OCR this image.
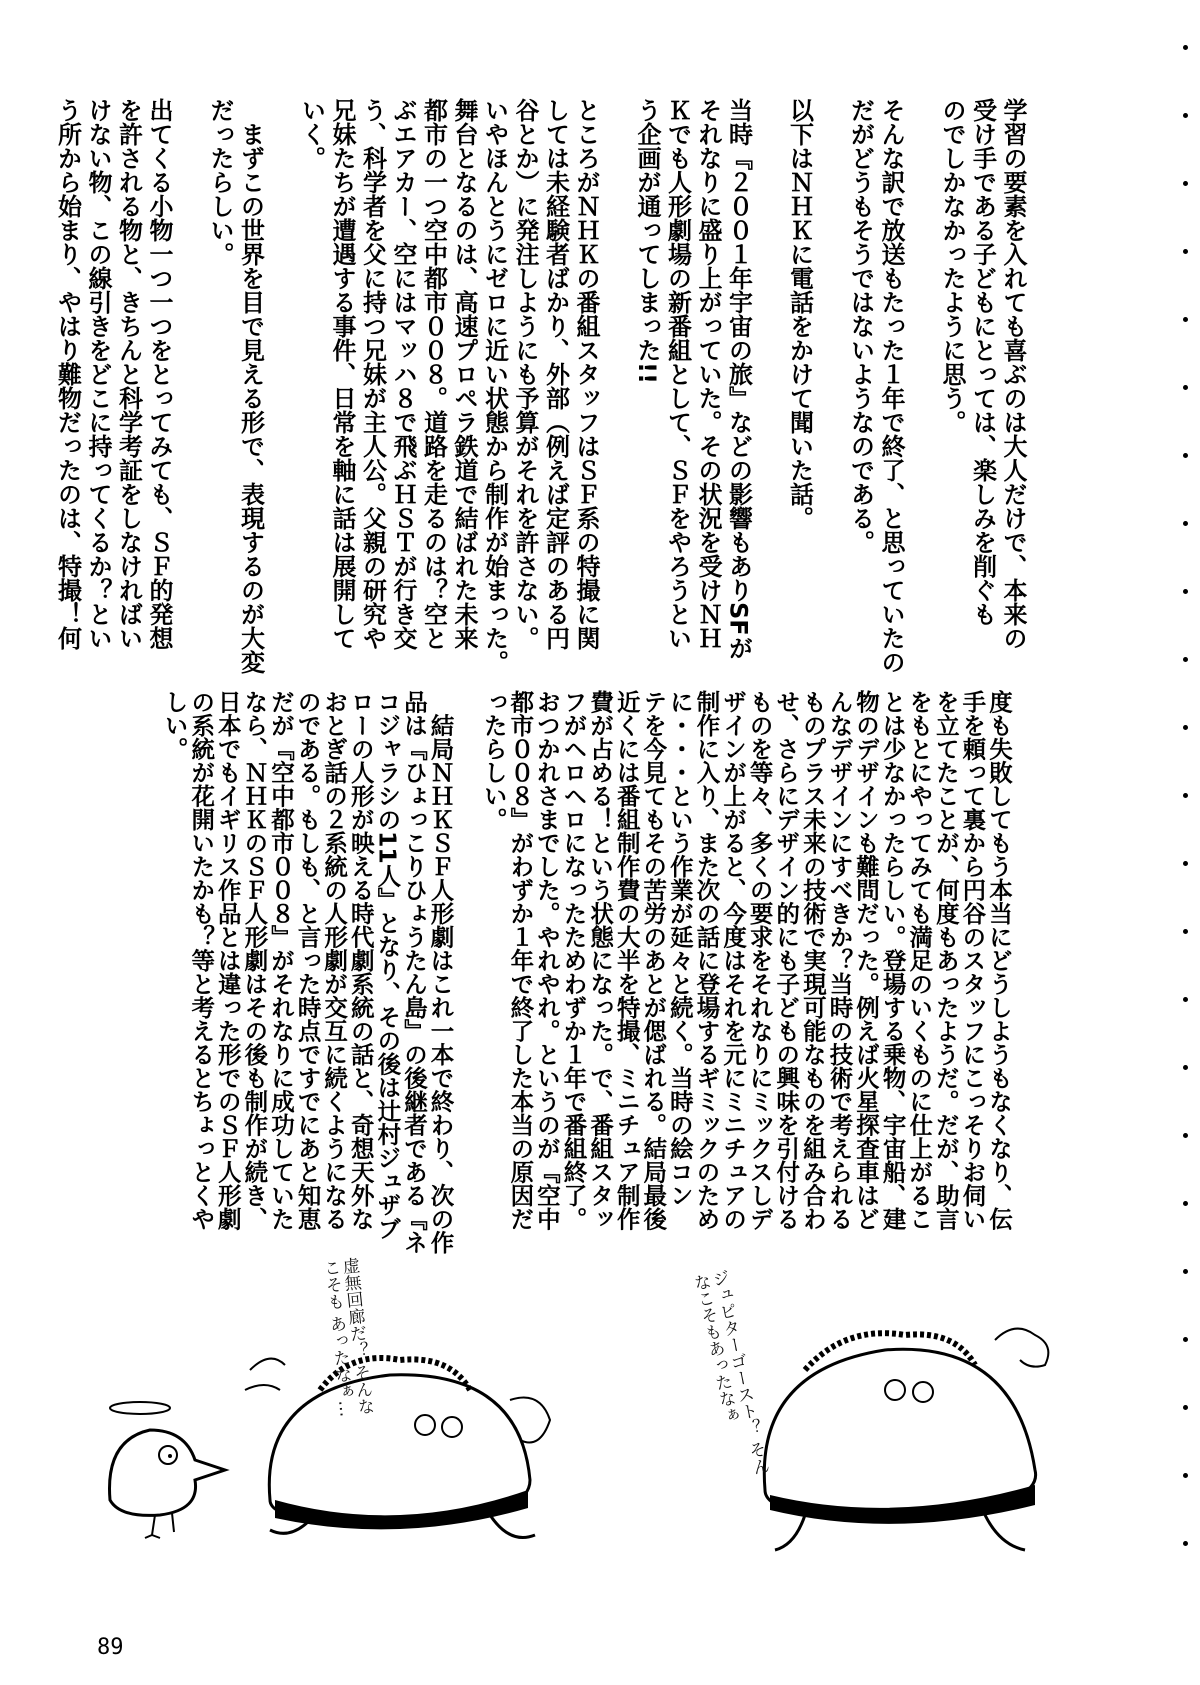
学習の要素を入れても喜ぶのは大人だけで、本来の
受け手である子どもにとっては、楽しみを削ぐも
のでしかなかったように思う。
そんな訳で放送もたった１年で終了、と思っていたの
だがどうもそうではないようなのである。
以下はＮＨＫに電話をかけて聞いた話。
当時『２００１年宇宙の旅』などの影響もありSFが
それなりに盛り上がっていた。その状況を受けＮＨ
Ｋでも人形劇場の新番組として、ＳＦをやろうとい
う企画が通ってしまった!!
ところがＮＨＫの番組スタッフはＳＦ系の特撮に関
しては未経験者ばかり、外部（例えば定評のある円
谷とか）に発注しようにも予算がそれを許さない。
いやほんとうにゼロに近い状態から制作が始まった。
舞台となるのは、高速プロペラ鉄道で結ばれた未来
都市の一つ空中都市００８。道路を走るのは？空と
ぶエアカー、空にはマッハ８で飛ぶＨＳＴが行き交
う、科学者を父に持つ兄妹が主人公。父親の研究や
兄妹たちが遭遇する事件、日常を軸に話は展開して
いく。
　まずこの世界を目で見える形で、表現するのが大変
だったらしい。
出てくる小物一つ一つをとってみても、ＳＦ的発想
を許される物と、きちんと科学考証をしなければい
けない物、この線引きをどこに持ってくるか？とい
う所から始まり、やはり難物だったのは、特撮！何
度も失敗してもう本当にどうしようもなくなり、伝
手を頼って裏から円谷のスタッフにこっそりお伺い
を立てたことが、何度もあったようだ。だが、助言
をもとにやってみても満足のいくものに仕上がるこ
とは少なかったらしい。登場する乗物、宇宙船、建
物のデザインも難問だった。例えば火星探査車はど
んなデザインにすべきか？当時の技術で考えられる
ものプラス未来の技術で実現可能なものを組み合わ
せ、さらにデザイン的にも子どもの興味を引付ける
ものを等々、多くの要求をそれなりにミックスしデ
ザインが上がると、今度はそれを元にミニチュアの
制作に入り、また次の話に登場するギミックのため
に・・・という作業が延々と続く。当時の絵コン
テを今見てもその苦労のあとが偲ばれる。結局最後
近くには番組制作費の大半を特撮、ミニチュア制作
費が占める！という状態になった。で、番組スタッ
フがヘロヘロになったためわずか１年で番組終了。
おつかれさまでした。やれやれ。というのが『空中
都市００８』がわずか１年で終了した本当の原因だ
ったらしい。
　結局ＮＨＫＳＦ人形劇はこれ一本で終わり、次の作
品は『ひょっこりひょうたん島』の後継者である『ネ
コジャラシの11人』となり、その後は辻村ジュザブ
ローの人形が映える時代劇系統の話と、奇想天外な
おとぎ話の２系統の人形劇が交互に続くようになる
のである。もしも、と言った時点ですでにあと知恵
だが『空中都市００８』がそれなりに成功していた
なら、ＮＨＫのＳＦ人形劇はその後も制作が続き、
日本でもイギリス作品とは違った形でのＳＦ人形劇
の系統が花開いたかも？等と考えるとちょっとくや
しい。
虚無回廊だ？ そんなこそも あったなぁ…	ジュピターゴースト？ そんなこそもあったなぁ
89
